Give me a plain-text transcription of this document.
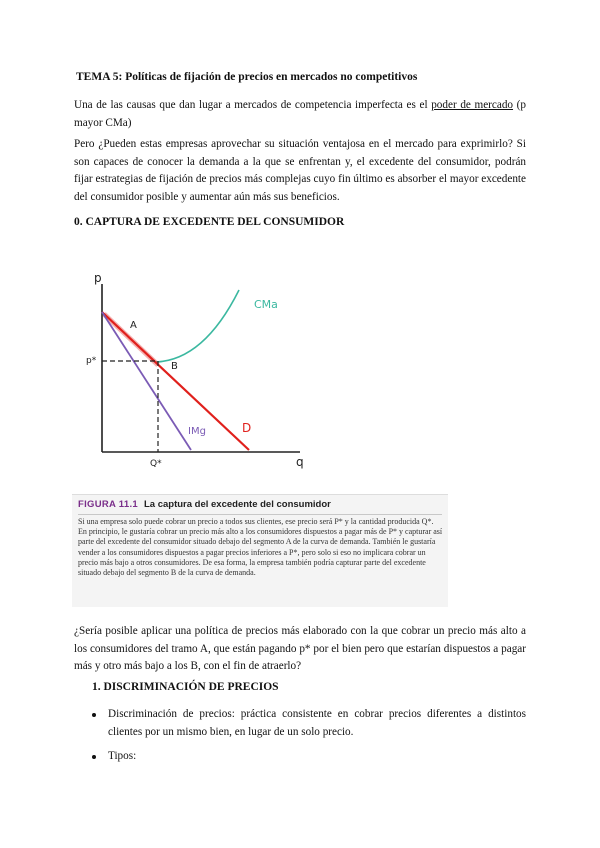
TEMA 5: Políticas de fijación de precios en mercados no competitivos

Una de las causas que dan lugar a mercados de competencia imperfecta es el poder de mercado (p mayor CMa)

Pero ¿Pueden estas empresas aprovechar su situación ventajosa en el mercado para exprimirlo? Si son capaces de conocer la demanda a la que se enfrentan y, el excedente del consumidor, podrán fijar estrategias de fijación de precios más complejas cuyo fin último es absorber el mayor excedente del consumidor posible y aumentar aún más sus beneficios.

0. CAPTURA DE EXCEDENTE DEL CONSUMIDOR
p
q
CMa
D
IMg
p*
Q*
A
B
FIGURA 11.1 La captura del excedente del consumidor

Si una empresa solo puede cobrar un precio a todos sus clientes, ese precio será P* y la cantidad producida Q*. En principio, le gustaría cobrar un precio más alto a los consumidores dispuestos a pagar más de P* y capturar así parte del excedente del consumidor situado debajo del segmento A de la curva de demanda. También le gustaría vender a los consumidores dispuestos a pagar precios inferiores a P*, pero solo si eso no implicara cobrar un precio más bajo a otros consumidores. De esa forma, la empresa también podría capturar parte del excedente situado debajo del segmento B de la curva de demanda.

¿Sería posible aplicar una política de precios más elaborado con la que cobrar un precio más alto a los consumidores del tramo A, que están pagando p* por el bien pero que estarían dispuestos a pagar más y otro más bajo a los B, con el fin de atraerlo?

1. DISCRIMINACIÓN DE PRECIOS
Discriminación de precios: práctica consistente en cobrar precios diferentes a distintos clientes por un mismo bien, en lugar de un solo precio.
Tipos:
